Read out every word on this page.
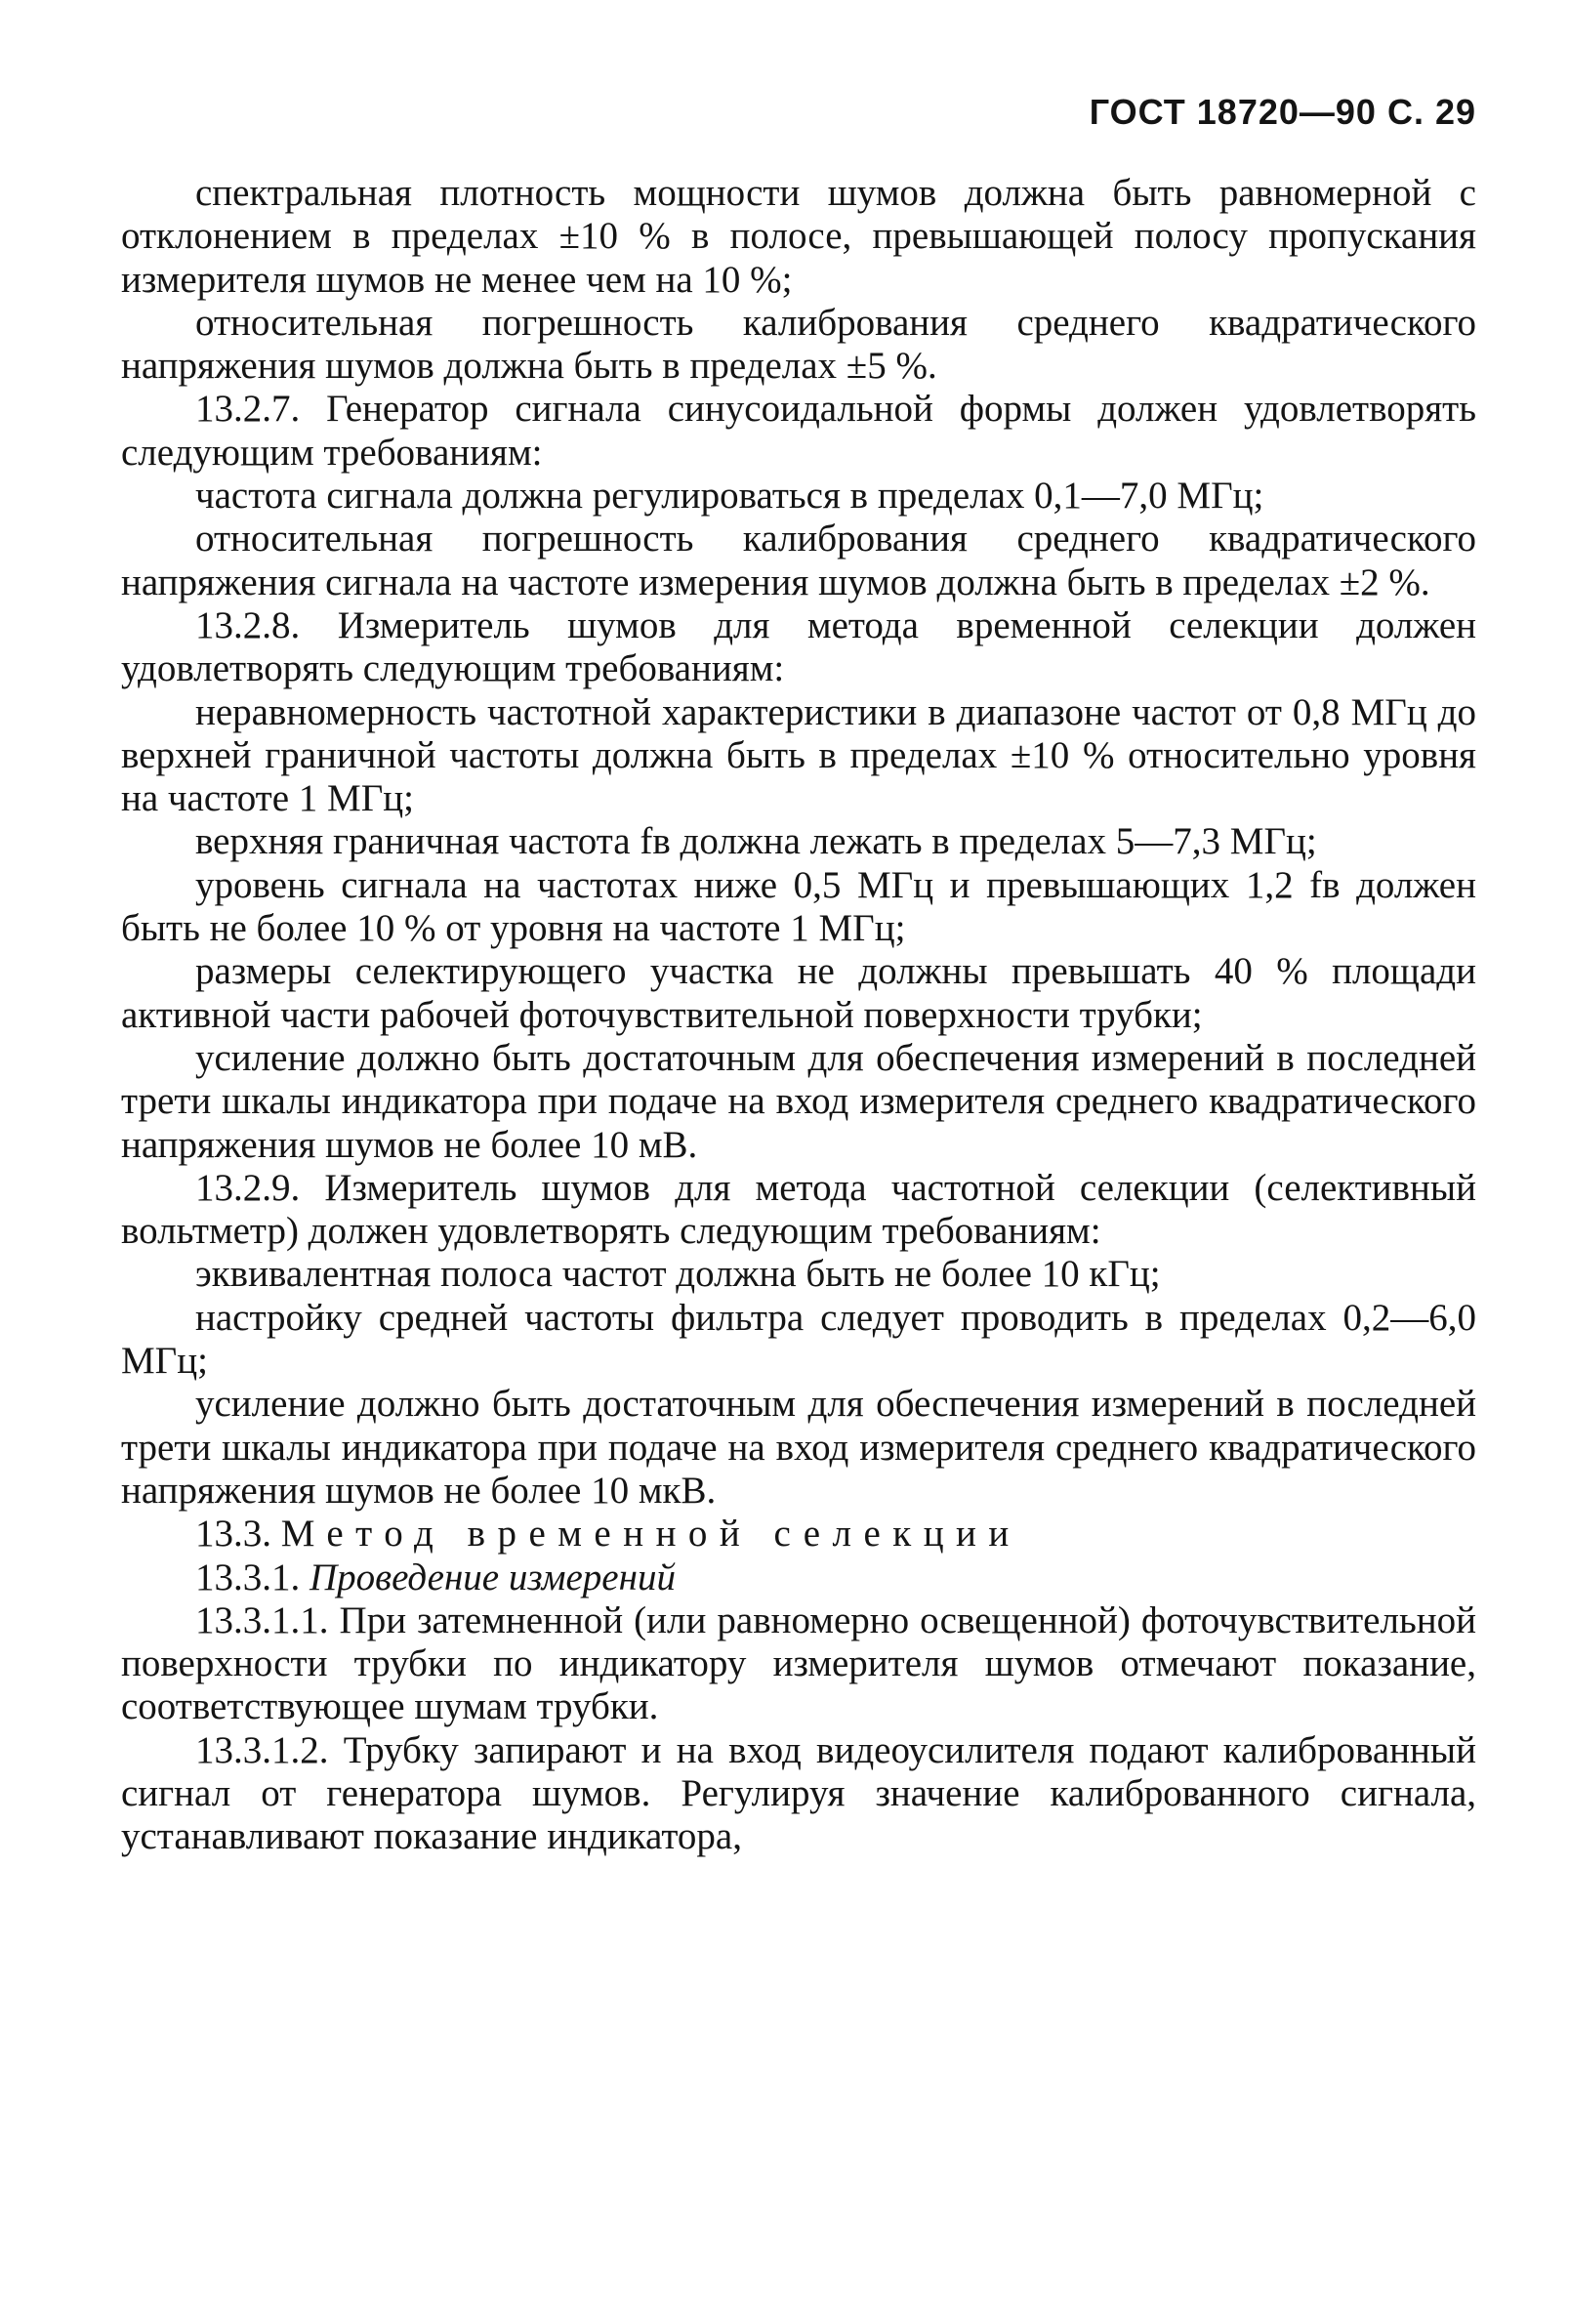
ГОСТ 18720—90 С. 29

спектральная плотность мощности шумов должна быть равномерной с отклонением в пределах ±10 % в полосе, превышающей полосу пропускания измерителя шумов не менее чем на 10 %;

относительная погрешность калибрования среднего квадратического напряжения шумов должна быть в пределах ±5 %.

13.2.7. Генератор сигнала синусоидальной формы должен удовлетворять следующим требованиям:

частота сигнала должна регулироваться в пределах 0,1—7,0 МГц;

относительная погрешность калибрования среднего квадратического напряжения сигнала на частоте измерения шумов должна быть в пределах ±2 %.

13.2.8. Измеритель шумов для метода временной селекции должен удовлетворять следующим требованиям:

неравномерность частотной характеристики в диапазоне частот от 0,8 МГц до верхней граничной частоты должна быть в пределах ±10 % относительно уровня на частоте 1 МГц;

верхняя граничная частота fв должна лежать в пределах 5—7,3 МГц;

уровень сигнала на частотах ниже 0,5 МГц и превышающих 1,2 fв должен быть не более 10 % от уровня на частоте 1 МГц;

размеры селектирующего участка не должны превышать 40 % площади активной части рабочей фоточувствительной поверхности трубки;

усиление должно быть достаточным для обеспечения измерений в последней трети шкалы индикатора при подаче на вход измерителя среднего квадратического напряжения шумов не более 10 мВ.

13.2.9. Измеритель шумов для метода частотной селекции (селективный вольтметр) должен удовлетворять следующим требованиям:

эквивалентная полоса частот должна быть не более 10 кГц;

настройку средней частоты фильтра следует проводить в пределах 0,2—6,0 МГц;

усиление должно быть достаточным для обеспечения измерений в последней трети шкалы индикатора при подаче на вход измерителя среднего квадратического напряжения шумов не более 10 мкВ.

13.3. Метод временной селекции

13.3.1. Проведение измерений

13.3.1.1. При затемненной (или равномерно освещенной) фоточувствительной поверхности трубки по индикатору измерителя шумов отмечают показание, соответствующее шумам трубки.

13.3.1.2. Трубку запирают и на вход видеоусилителя подают калиброванный сигнал от генератора шумов. Регулируя значение калиброванного сигнала, устанавливают показание индикатора,
